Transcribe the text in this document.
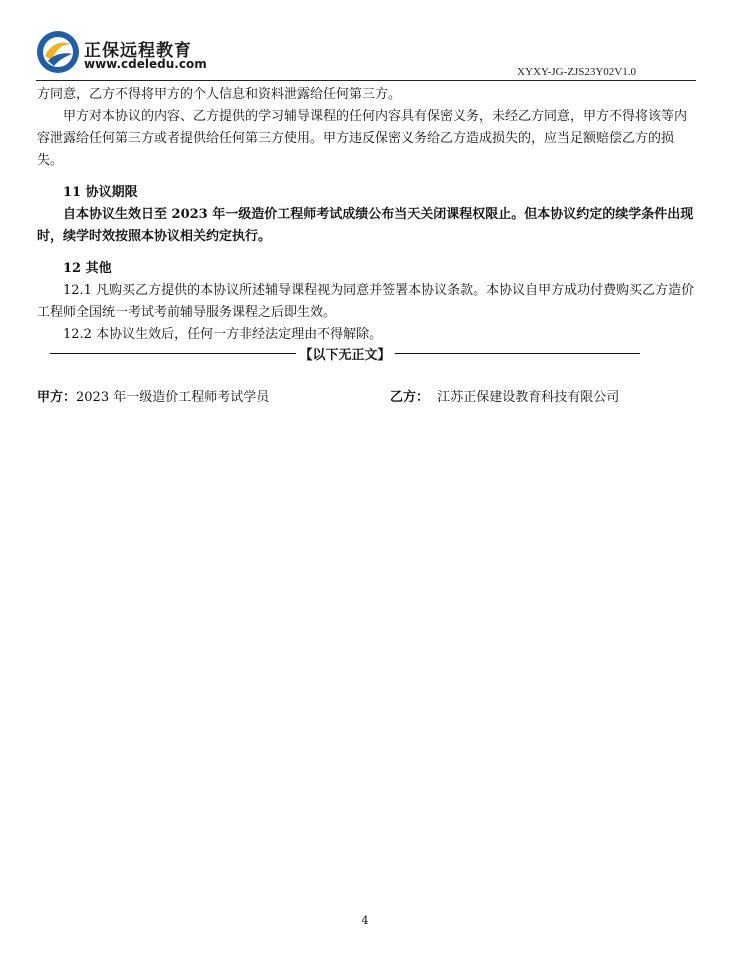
正保远程教育
www.cdeledu.com
XYXY-JG-ZJS23Y02V1.0

方同意，乙方不得将甲方的个人信息和资料泄露给任何第三方。

甲方对本协议的内容、乙方提供的学习辅导课程的任何内容具有保密义务，未经乙方同意，甲方不得将该等内容泄露给任何第三方或者提供给任何第三方使用。甲方违反保密义务给乙方造成损失的，应当足额赔偿乙方的损失。

11 协议期限

自本协议生效日至 2023 年一级造价工程师考试成绩公布当天关闭课程权限止。但本协议约定的续学条件出现时，续学时效按照本协议相关约定执行。

12 其他

12.1 凡购买乙方提供的本协议所述辅导课程视为同意并签署本协议条款。本协议自甲方成功付费购买乙方造价工程师全国统一考试考前辅导服务课程之后即生效。

12.2 本协议生效后，任何一方非经法定理由不得解除。

【以下无正文】
甲方：2023 年一级造价工程师考试学员	乙方： 江苏正保建设教育科技有限公司
4
